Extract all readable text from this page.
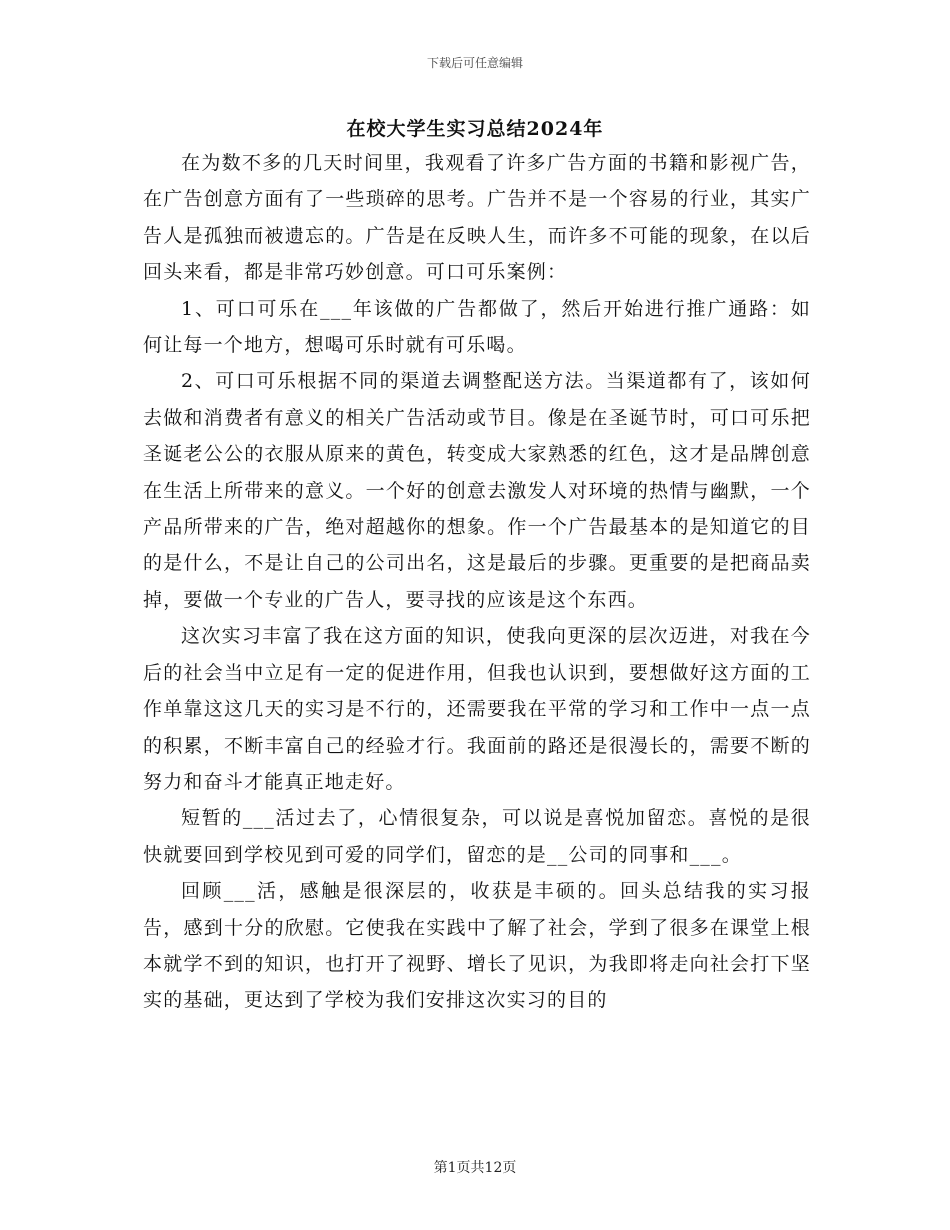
下载后可任意编辑
在校大学生实习总结2024年

在为数不多的几天时间里，我观看了许多广告方面的书籍和影视广告，在广告创意方面有了一些琐碎的思考。广告并不是一个容易的行业，其实广告人是孤独而被遗忘的。广告是在反映人生，而许多不可能的现象，在以后回头来看，都是非常巧妙创意。可口可乐案例：

1、可口可乐在___年该做的广告都做了，然后开始进行推广通路：如何让每一个地方，想喝可乐时就有可乐喝。

2、可口可乐根据不同的渠道去调整配送方法。当渠道都有了，该如何去做和消费者有意义的相关广告活动或节目。像是在圣诞节时，可口可乐把圣诞老公公的衣服从原来的黄色，转变成大家熟悉的红色，这才是品牌创意在生活上所带来的意义。一个好的创意去激发人对环境的热情与幽默，一个产品所带来的广告，绝对超越你的想象。作一个广告最基本的是知道它的目的是什么，不是让自己的公司出名，这是最后的步骤。更重要的是把商品卖掉，要做一个专业的广告人，要寻找的应该是这个东西。

这次实习丰富了我在这方面的知识，使我向更深的层次迈进，对我在今后的社会当中立足有一定的促进作用，但我也认识到，要想做好这方面的工作单靠这这几天的实习是不行的，还需要我在平常的学习和工作中一点一点的积累，不断丰富自己的经验才行。我面前的路还是很漫长的，需要不断的努力和奋斗才能真正地走好。

短暂的___活过去了，心情很复杂，可以说是喜悦加留恋。喜悦的是很快就要回到学校见到可爱的同学们，留恋的是__公司的同事和___。

回顾___活，感触是很深层的，收获是丰硕的。回头总结我的实习报告，感到十分的欣慰。它使我在实践中了解了社会，学到了很多在课堂上根本就学不到的知识，也打开了视野、增长了见识，为我即将走向社会打下坚实的基础，更达到了学校为我们安排这次实习的目的

第1页共12页
